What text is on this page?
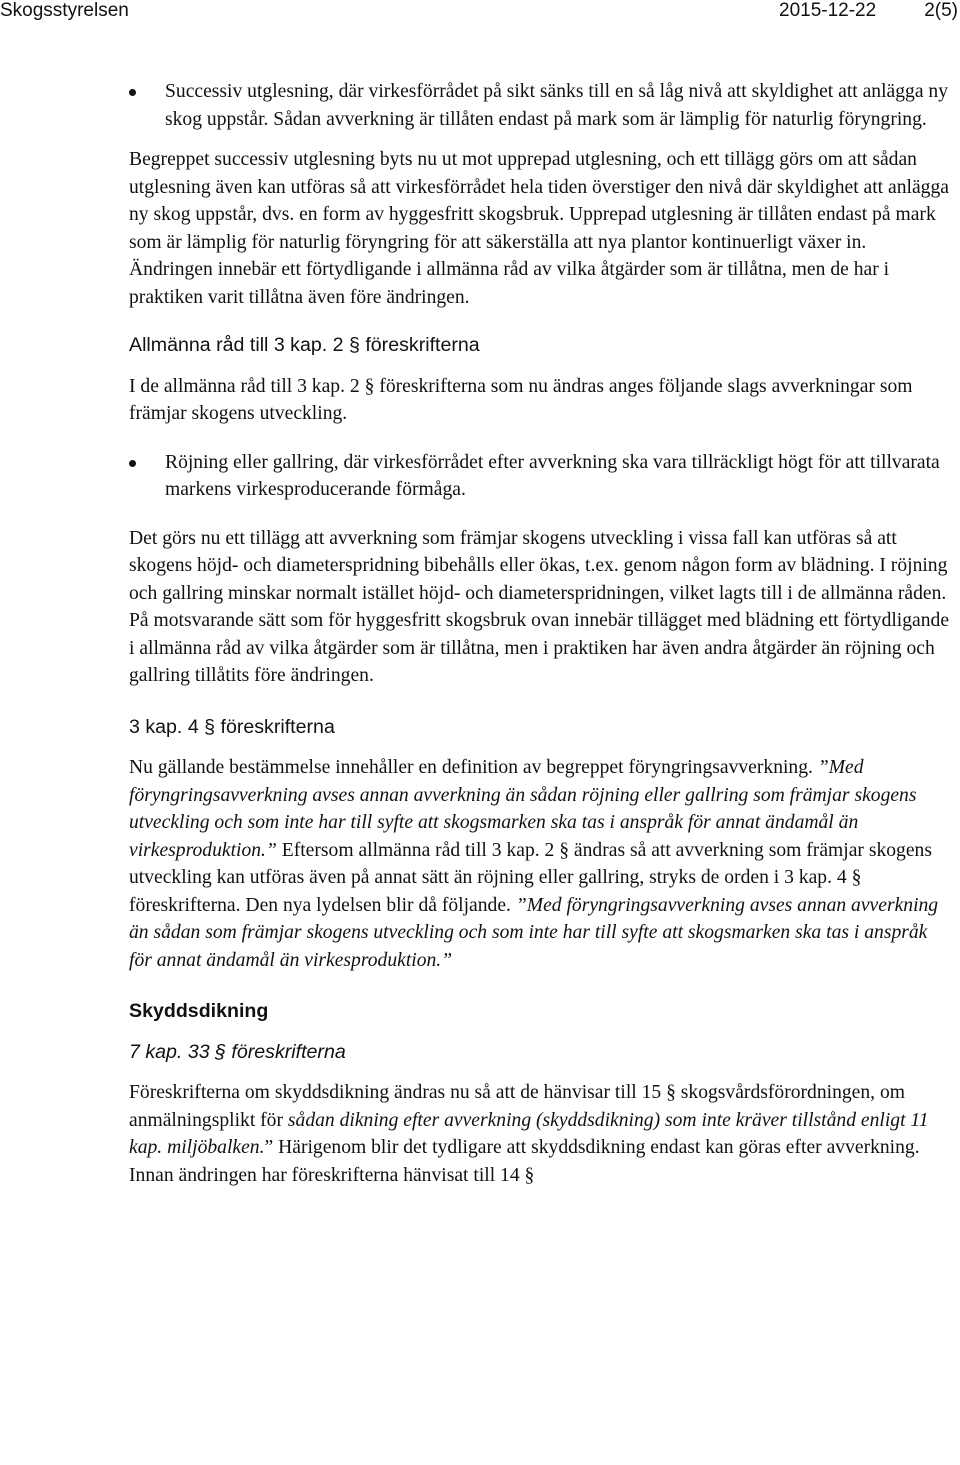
Skogsstyrelsen	2015-12-22	2(5)

Successiv utglesning, där virkesförrådet på sikt sänks till en så låg nivå att skyldighet att anlägga ny skog uppstår. Sådan avverkning är tillåten endast på mark som är lämplig för naturlig föryngring.

Begreppet successiv utglesning byts nu ut mot upprepad utglesning, och ett tillägg görs om att sådan utglesning även kan utföras så att virkesförrådet hela tiden överstiger den nivå där skyldighet att anlägga ny skog uppstår, dvs. en form av hyggesfritt skogsbruk. Upprepad utglesning är tillåten endast på mark som är lämplig för naturlig föryngring för att säkerställa att nya plantor kontinuerligt växer in.

Ändringen innebär ett förtydligande i allmänna råd av vilka åtgärder som är tillåtna, men de har i praktiken varit tillåtna även före ändringen.

Allmänna råd till 3 kap. 2 § föreskrifterna

I de allmänna råd till 3 kap. 2 § föreskrifterna som nu ändras anges följande slags avverkningar som främjar skogens utveckling.

Röjning eller gallring, där virkesförrådet efter avverkning ska vara tillräckligt högt för att tillvarata markens virkesproducerande förmåga.

Det görs nu ett tillägg att avverkning som främjar skogens utveckling i vissa fall kan utföras så att skogens höjd- och diameterspridning bibehålls eller ökas, t.ex. genom någon form av blädning. I röjning och gallring minskar normalt istället höjd- och diameterspridningen, vilket lagts till i de allmänna råden. På motsvarande sätt som för hyggesfritt skogsbruk ovan innebär tillägget med blädning ett förtydligande i allmänna råd av vilka åtgärder som är tillåtna, men i praktiken har även andra åtgärder än röjning och gallring tillåtits före ändringen.

3 kap. 4 § föreskrifterna

Nu gällande bestämmelse innehåller en definition av begreppet föryngringsavverkning. ”Med föryngringsavverkning avses annan avverkning än sådan röjning eller gallring som främjar skogens utveckling och som inte har till syfte att skogsmarken ska tas i anspråk för annat ändamål än virkesproduktion.” Eftersom allmänna råd till 3 kap. 2 § ändras så att avverkning som främjar skogens utveckling kan utföras även på annat sätt än röjning eller gallring, stryks de orden i 3 kap. 4 § föreskrifterna. Den nya lydelsen blir då följande. ”Med föryngringsavverkning avses annan avverkning än sådan som främjar skogens utveckling och som inte har till syfte att skogsmarken ska tas i anspråk för annat ändamål än virkesproduktion.”

Skyddsdikning

7 kap. 33 § föreskrifterna

Föreskrifterna om skyddsdikning ändras nu så att de hänvisar till 15 § skogsvårdsförordningen, om anmälningsplikt för sådan dikning efter avverkning (skyddsdikning) som inte kräver tillstånd enligt 11 kap. miljöbalken.” Härigenom blir det tydligare att skyddsdikning endast kan göras efter avverkning. Innan ändringen har föreskrifterna hänvisat till 14 §
